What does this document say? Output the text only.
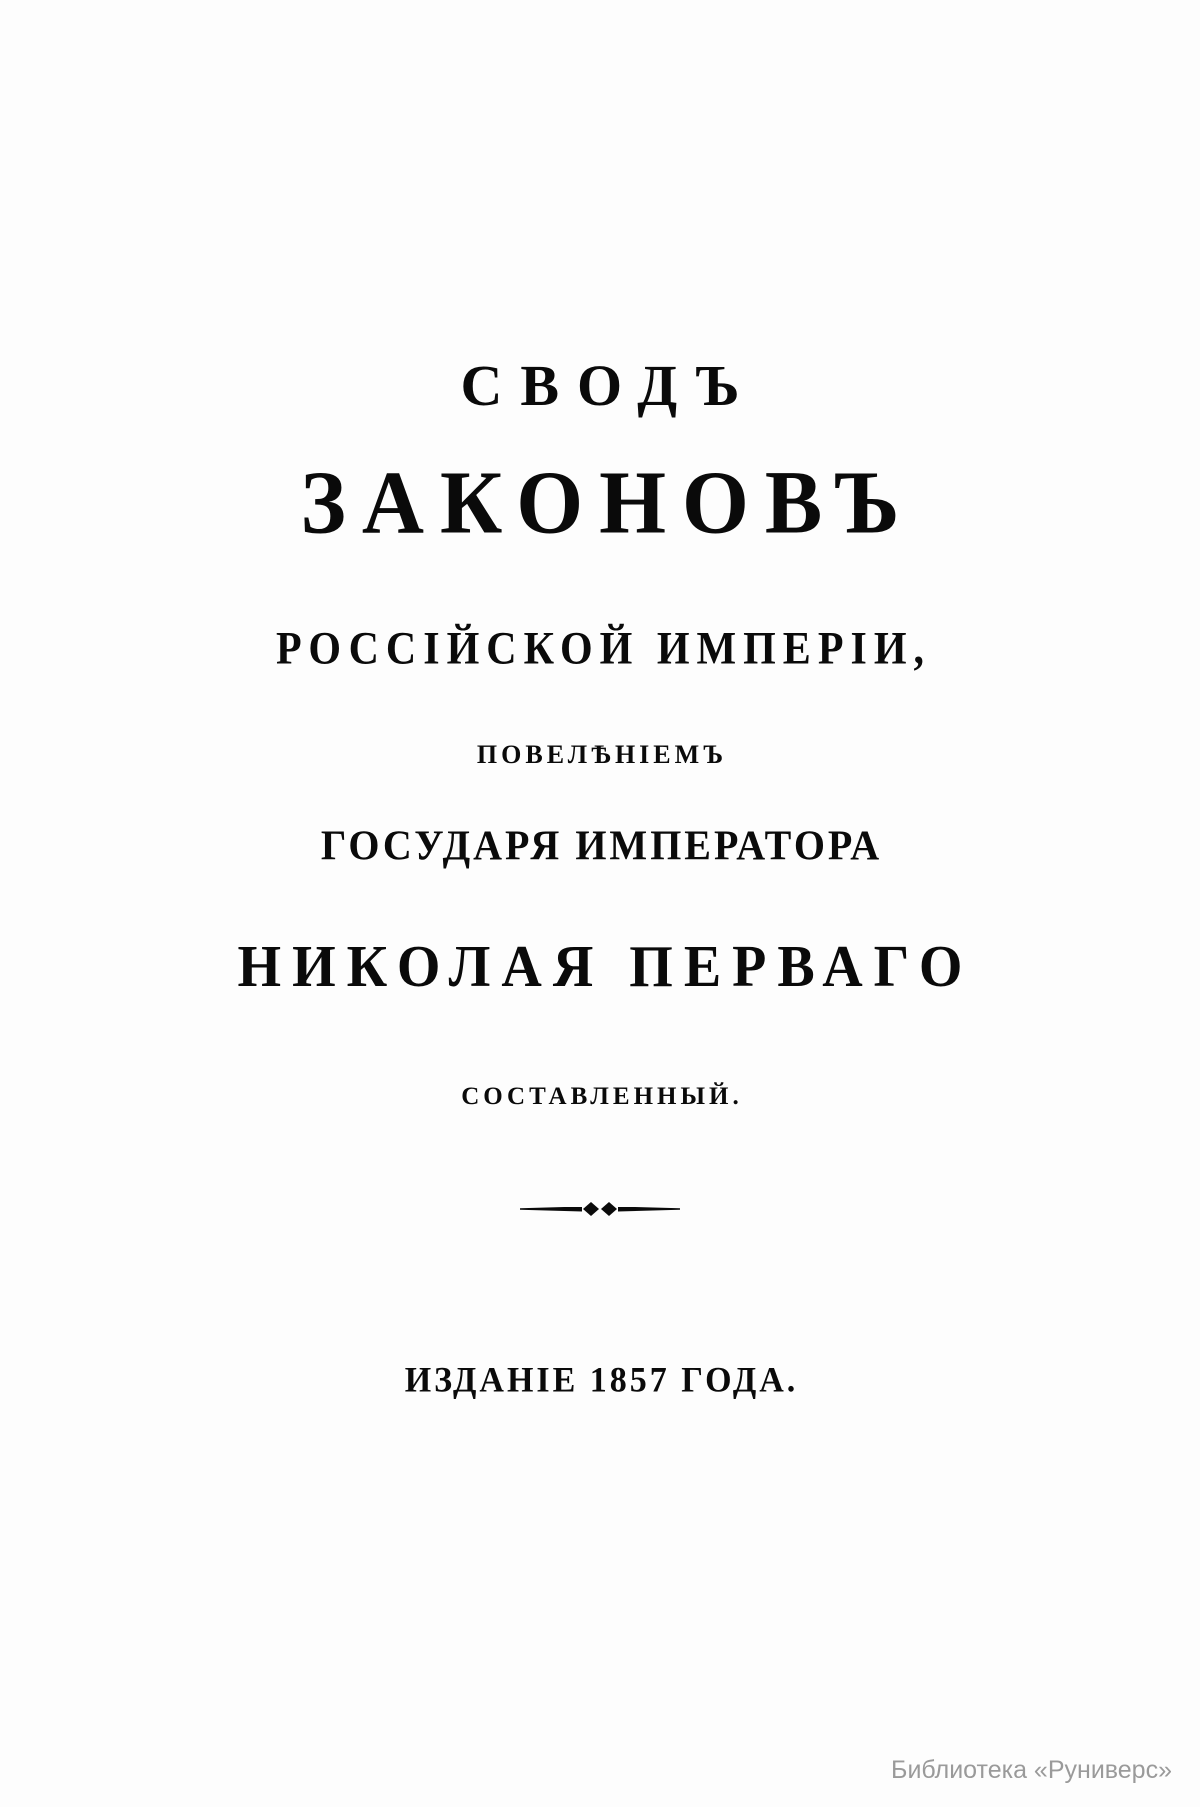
СВОДЪ
ЗАКОНОВЪ
РОССІЙСКОЙ ИМПЕРІИ,
ПОВЕЛѢНІЕМЪ
ГОСУДАРЯ ИМПЕРАТОРА
НИКОЛАЯ ПЕРВАГО
СОСТАВЛЕННЫЙ.
ИЗДАНІЕ 1857 ГОДА.
Библиотека «Руниверс»
